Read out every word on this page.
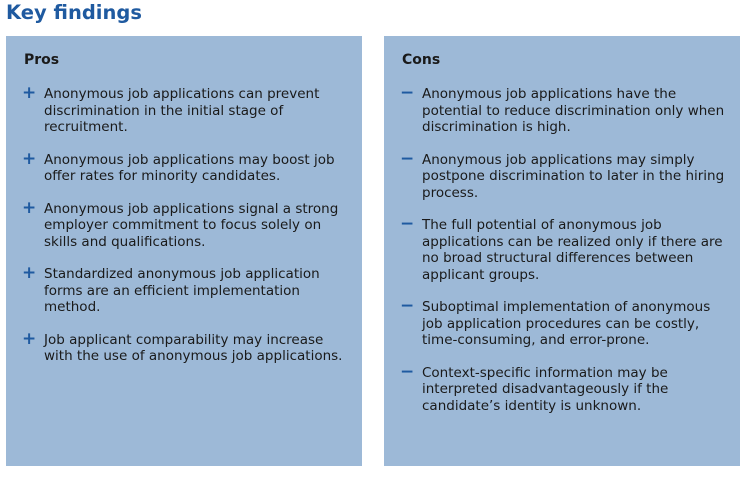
Key findings
Pros
+ Anonymous job applications can prevent discrimination in the initial stage of recruitment.
+ Anonymous job applications may boost job offer rates for minority candidates.
+ Anonymous job applications signal a strong employer commitment to focus solely on skills and qualifications.
+ Standardized anonymous job application forms are an efficient implementation method.
+ Job applicant comparability may increase with the use of anonymous job applications.
Cons
− Anonymous job applications have the potential to reduce discrimination only when discrimination is high.
− Anonymous job applications may simply postpone discrimination to later in the hiring process.
− The full potential of anonymous job applications can be realized only if there are no broad structural differences between applicant groups.
− Suboptimal implementation of anonymous job application procedures can be costly, time-consuming, and error-prone.
− Context-specific information may be interpreted disadvantageously if the candidate’s identity is unknown.
